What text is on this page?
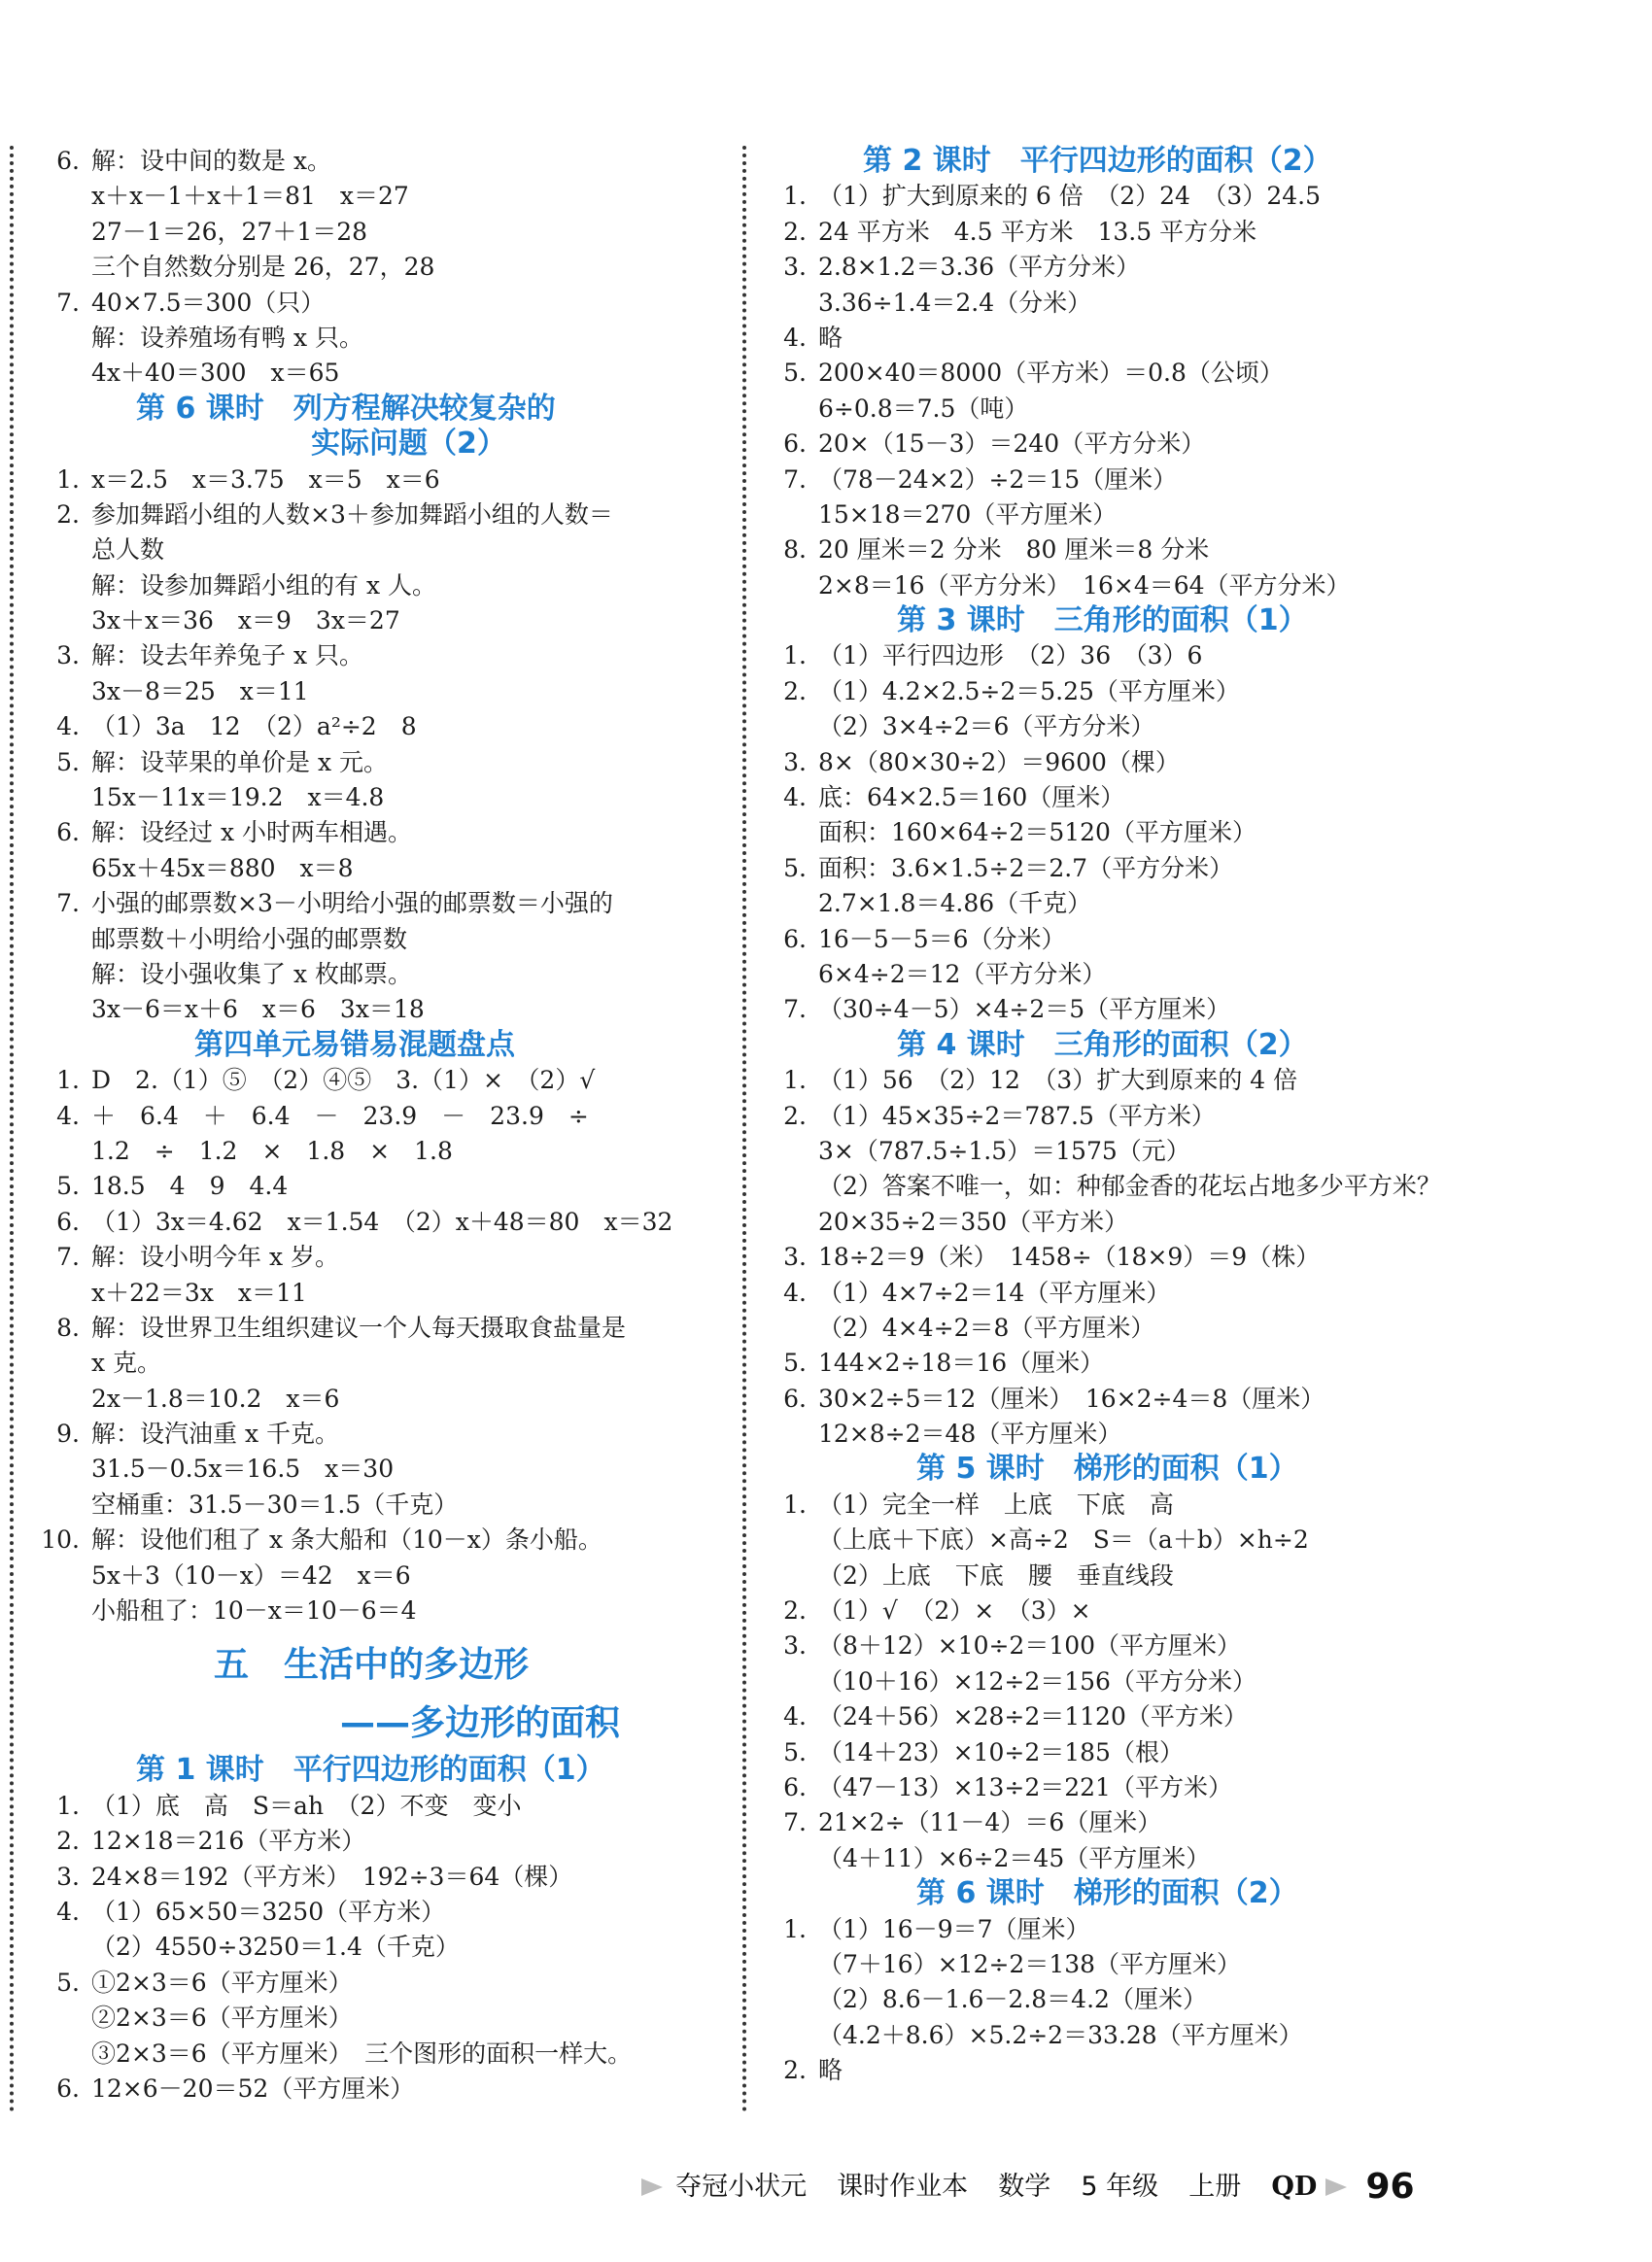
6. 解：设中间的数是 x。
x＋x－1＋x＋1＝81　x＝27
27－1＝26，27＋1＝28
三个自然数分别是 26，27，28
7. 40×7.5＝300（只）
解：设养殖场有鸭 x 只。
4x＋40＝300　x＝65
第 6 课时　列方程解决较复杂的
实际问题（2）
1. x＝2.5　x＝3.75　x＝5　x＝6
2. 参加舞蹈小组的人数×3＋参加舞蹈小组的人数＝
总人数
解：设参加舞蹈小组的有 x 人。
3x＋x＝36　x＝9　3x＝27
3. 解：设去年养兔子 x 只。
3x－8＝25　x＝11
4. （1）3a　12　（2）a²÷2　8
5. 解：设苹果的单价是 x 元。
15x－11x＝19.2　x＝4.8
6. 解：设经过 x 小时两车相遇。
65x＋45x＝880　x＝8
7. 小强的邮票数×3－小明给小强的邮票数＝小强的
邮票数＋小明给小强的邮票数
解：设小强收集了 x 枚邮票。
3x－6＝x＋6　x＝6　3x＝18
第四单元易错易混题盘点
1. D　2.（1）⑤　（2）④⑤　3.（1）×　（2）√
4. ＋　6.4　＋　6.4　－　23.9　－　23.9　÷
1.2　÷　1.2　×　1.8　×　1.8
5. 18.5　4　9　4.4
6. （1）3x＝4.62　x＝1.54　（2）x＋48＝80　x＝32
7. 解：设小明今年 x 岁。
x＋22＝3x　x＝11
8. 解：设世界卫生组织建议一个人每天摄取食盐量是
x 克。
2x－1.8＝10.2　x＝6
9. 解：设汽油重 x 千克。
31.5－0.5x＝16.5　x＝30
空桶重：31.5－30＝1.5（千克）
10. 解：设他们租了 x 条大船和（10－x）条小船。
5x＋3（10－x）＝42　x＝6
小船租了：10－x＝10－6＝4
五　生活中的多边形
——多边形的面积
第 1 课时　平行四边形的面积（1）
1. （1）底　高　S＝ah　（2）不变　变小
2. 12×18＝216（平方米）
3. 24×8＝192（平方米）　192÷3＝64（棵）
4. （1）65×50＝3250（平方米）
（2）4550÷3250＝1.4（千克）
5. ①2×3＝6（平方厘米）
②2×3＝6（平方厘米）
③2×3＝6（平方厘米）　三个图形的面积一样大。
6. 12×6－20＝52（平方厘米）
第 2 课时　平行四边形的面积（2）
1. （1）扩大到原来的 6 倍　（2）24　（3）24.5
2. 24 平方米　4.5 平方米　13.5 平方分米
3. 2.8×1.2＝3.36（平方分米）
3.36÷1.4＝2.4（分米）
4. 略
5. 200×40＝8000（平方米）＝0.8（公顷）
6÷0.8＝7.5（吨）
6. 20×（15－3）＝240（平方分米）
7. （78－24×2）÷2＝15（厘米）
15×18＝270（平方厘米）
8. 20 厘米＝2 分米　80 厘米＝8 分米
2×8＝16（平方分米）　16×4＝64（平方分米）
第 3 课时　三角形的面积（1）
1. （1）平行四边形　（2）36　（3）6
2. （1）4.2×2.5÷2＝5.25（平方厘米）
（2）3×4÷2＝6（平方分米）
3. 8×（80×30÷2）＝9600（棵）
4. 底：64×2.5＝160（厘米）
面积：160×64÷2＝5120（平方厘米）
5. 面积：3.6×1.5÷2＝2.7（平方分米）
2.7×1.8＝4.86（千克）
6. 16－5－5＝6（分米）
6×4÷2＝12（平方分米）
7. （30÷4－5）×4÷2＝5（平方厘米）
第 4 课时　三角形的面积（2）
1. （1）56　（2）12　（3）扩大到原来的 4 倍
2. （1）45×35÷2＝787.5（平方米）
3×（787.5÷1.5）＝1575（元）
（2）答案不唯一，如：种郁金香的花坛占地多少平方米？
20×35÷2＝350（平方米）
3. 18÷2＝9（米）　1458÷（18×9）＝9（株）
4. （1）4×7÷2＝14（平方厘米）
（2）4×4÷2＝8（平方厘米）
5. 144×2÷18＝16（厘米）
6. 30×2÷5＝12（厘米）　16×2÷4＝8（厘米）
12×8÷2＝48（平方厘米）
第 5 课时　梯形的面积（1）
1. （1）完全一样　上底　下底　高
（上底＋下底）×高÷2　S＝（a＋b）×h÷2
（2）上底　下底　腰　垂直线段
2. （1）√　（2）×　（3）×
3. （8＋12）×10÷2＝100（平方厘米）
（10＋16）×12÷2＝156（平方分米）
4. （24＋56）×28÷2＝1120（平方米）
5. （14＋23）×10÷2＝185（根）
6. （47－13）×13÷2＝221（平方米）
7. 21×2÷（11－4）＝6（厘米）
（4＋11）×6÷2＝45（平方厘米）
第 6 课时　梯形的面积（2）
1. （1）16－9＝7（厘米）
（7＋16）×12÷2＝138（平方厘米）
（2）8.6－1.6－2.8＝4.2（厘米）
（4.2＋8.6）×5.2÷2＝33.28（平方厘米）
2. 略
夺冠小状元 课时作业本 数学 5 年级 上册 QD 96
